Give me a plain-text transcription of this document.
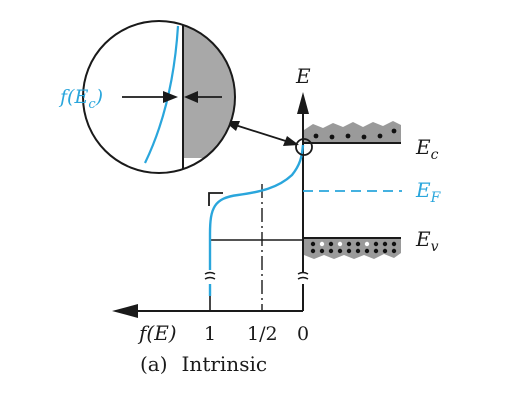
$f(E_c)$
E
$E_c$
$E_F$
$E_v$
f(E) 1 1/2 0
(a) Intrinsic
